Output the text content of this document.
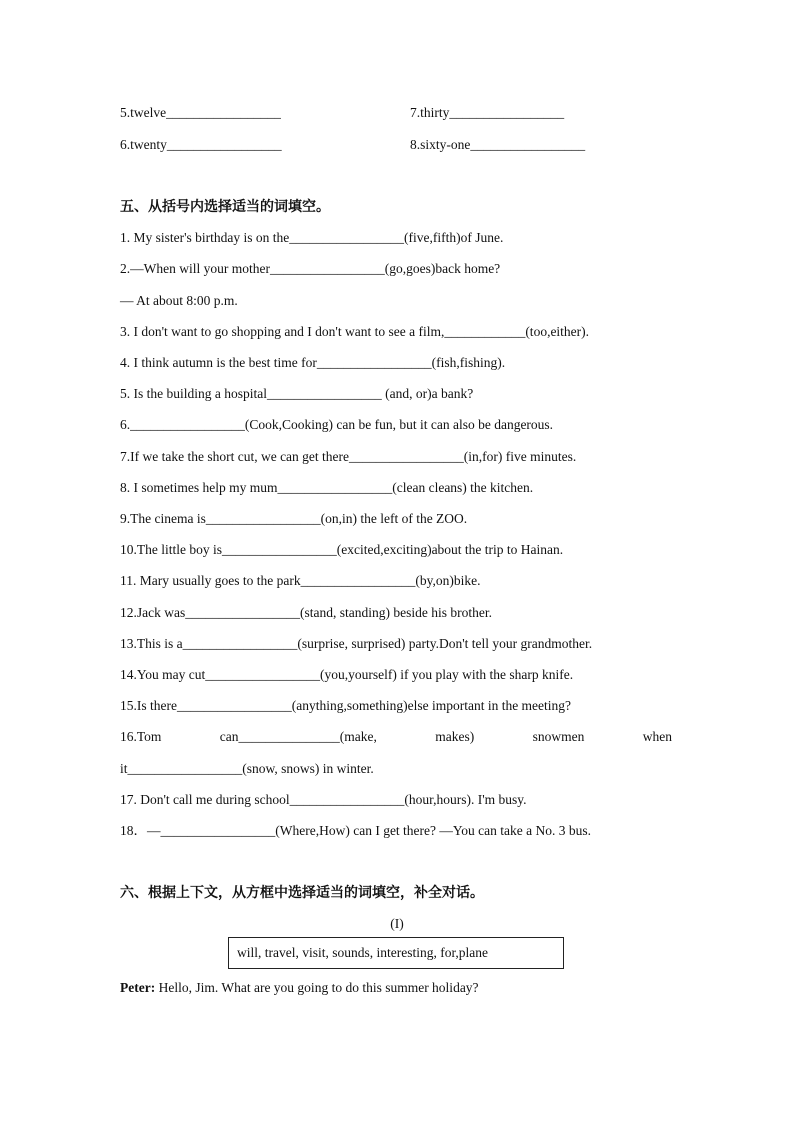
5.twelve_________________	7.thirty_________________
6.twenty_________________	8.sixty-one_________________
五、从括号内选择适当的词填空。
1. My sister's birthday is on the_________________(five,fifth)of June.
2.—When will your mother_________________(go,goes)back home?
— At about 8:00 p.m.
3. I don't want to go shopping and I don't want to see a film,____________(too,either).
4. I think autumn is the best time for_________________(fish,fishing).
5. Is the building a hospital_________________ (and, or)a bank?
6._________________(Cook,Cooking) can be fun, but it can also be dangerous.
7.If we take the short cut, we can get there_________________(in,for) five minutes.
8. I sometimes help my mum_________________(clean cleans) the kitchen.
9.The cinema is_________________(on,in) the left of the ZOO.
10.The little boy is_________________(excited,exciting)about the trip to Hainan.
11. Mary usually goes to the park_________________(by,on)bike.
12.Jack was_________________(stand, standing) beside his brother.
13.This is a_________________(surprise, surprised) party.Don't tell your grandmother.
14.You may cut_________________(you,yourself) if you play with the sharp knife.
15.Is there_________________(anything,something)else important in the meeting?
16.Tom	can_______________(make,	makes)	snowmen	when
it_________________(snow, snows) in winter.
17. Don't call me during school_________________(hour,hours). I'm busy.
18．—_________________(Where,How) can I get there? —You can take a No. 3 bus.
六、根据上下文，从方框中选择适当的词填空，补全对话。
(I)
will, travel, visit, sounds, interesting, for,plane
Peter: Hello, Jim. What are you going to do this summer holiday?
